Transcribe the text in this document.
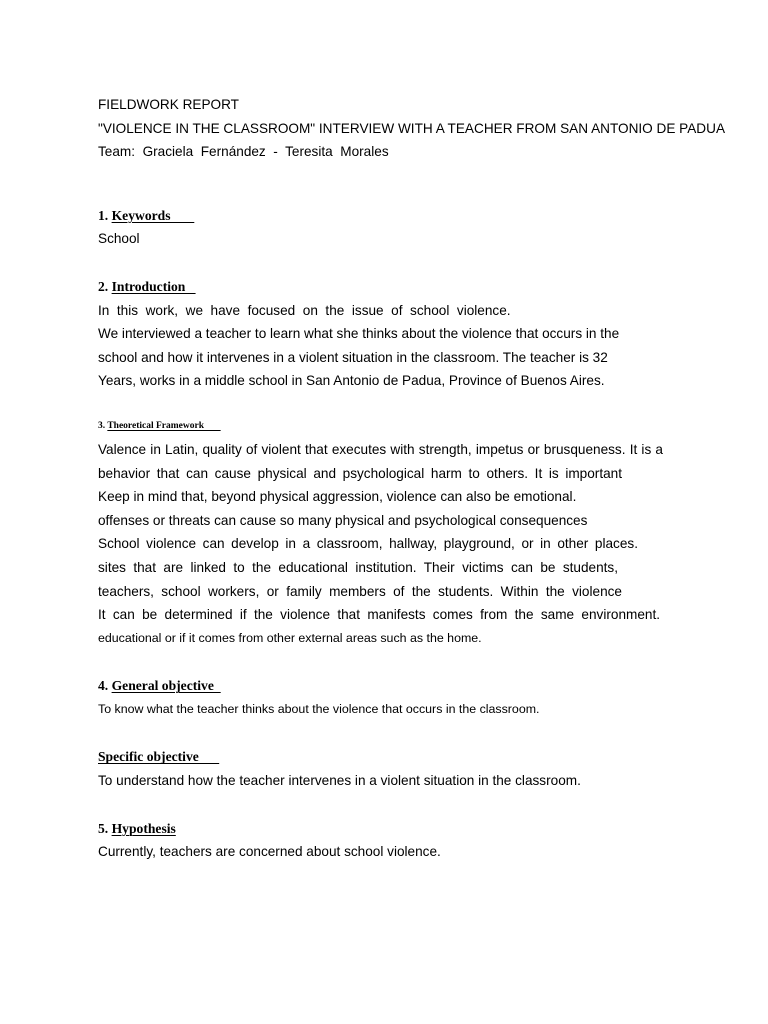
FIELDWORK REPORT
"VIOLENCE IN THE CLASSROOM" INTERVIEW WITH A TEACHER FROM SAN ANTONIO DE PADUA
Team:  Graciela  Fernández  -  Teresita  Morales
1. Keywords
School
2. Introduction
In  this  work,  we  have  focused  on  the  issue  of  school  violence.
We interviewed a teacher to learn what she thinks about the violence that occurs in the
school and how it intervenes in a violent situation in the classroom. The teacher is 32
Years, works in a middle school in San Antonio de Padua, Province of Buenos Aires.
3. Theoretical Framework
Valence in Latin, quality of violent that executes with strength, impetus or brusqueness. It is a
behavior that can cause physical and psychological harm to others. It is important
Keep in mind that, beyond physical aggression, violence can also be emotional.
offenses or threats can cause so many physical and psychological consequences
School violence can develop in a classroom, hallway, playground, or in other places.
sites that are linked to the educational institution. Their victims can be students,
teachers, school workers, or family members of the students. Within the violence
It can be determined if the violence that manifests comes from the same environment.
educational or if it comes from other external areas such as the home.
4. General objective
To know what the teacher thinks about the violence that occurs in the classroom.
Specific objective
To understand how the teacher intervenes in a violent situation in the classroom.
5. Hypothesis
Currently, teachers are concerned about school violence.
